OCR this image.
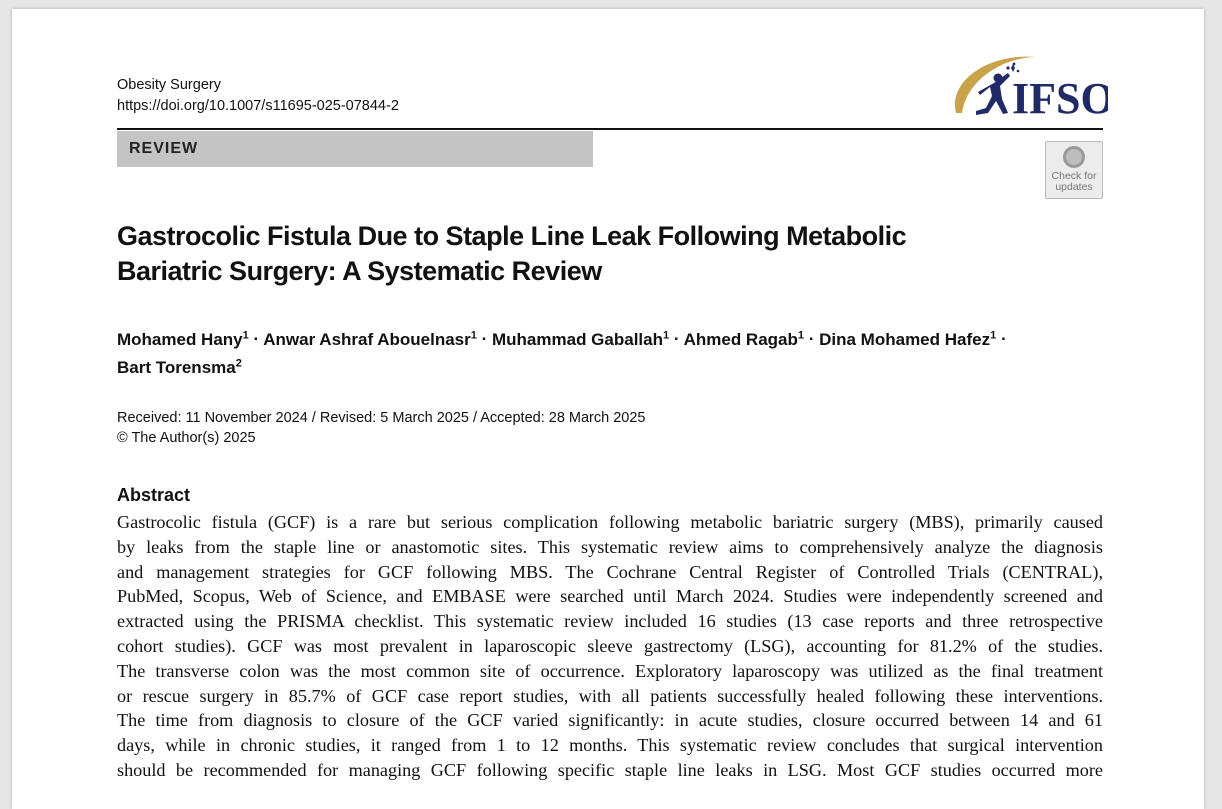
Obesity Surgery
https://doi.org/10.1007/s11695-025-07844-2	IFSO
REVIEW
Check for
updates
Gastrocolic Fistula Due to Staple Line Leak Following Metabolic
Bariatric Surgery: A Systematic Review
Mohamed Hany$^1$ · Anwar Ashraf Abouelnasr$^1$ · Muhammad Gaballah$^1$ · Ahmed Ragab$^1$ · Dina Mohamed Hafez$^1$ ·
Bart Torensma$^2$
Received: 11 November 2024 / Revised: 5 March 2025 / Accepted: 28 March 2025
© The Author(s) 2025
Abstract
Gastrocolic fistula (GCF) is a rare but serious complication following metabolic bariatric surgery (MBS), primarily caused
by leaks from the staple line or anastomotic sites. This systematic review aims to comprehensively analyze the diagnosis
and management strategies for GCF following MBS. The Cochrane Central Register of Controlled Trials (CENTRAL),
PubMed, Scopus, Web of Science, and EMBASE were searched until March 2024. Studies were independently screened and
extracted using the PRISMA checklist. This systematic review included 16 studies (13 case reports and three retrospective
cohort studies). GCF was most prevalent in laparoscopic sleeve gastrectomy (LSG), accounting for 81.2% of the studies.
The transverse colon was the most common site of occurrence. Exploratory laparoscopy was utilized as the final treatment
or rescue surgery in 85.7% of GCF case report studies, with all patients successfully healed following these interventions.
The time from diagnosis to closure of the GCF varied significantly: in acute studies, closure occurred between 14 and 61
days, while in chronic studies, it ranged from 1 to 12 months. This systematic review concludes that surgical intervention
should be recommended for managing GCF following specific staple line leaks in LSG. Most GCF studies occurred more
